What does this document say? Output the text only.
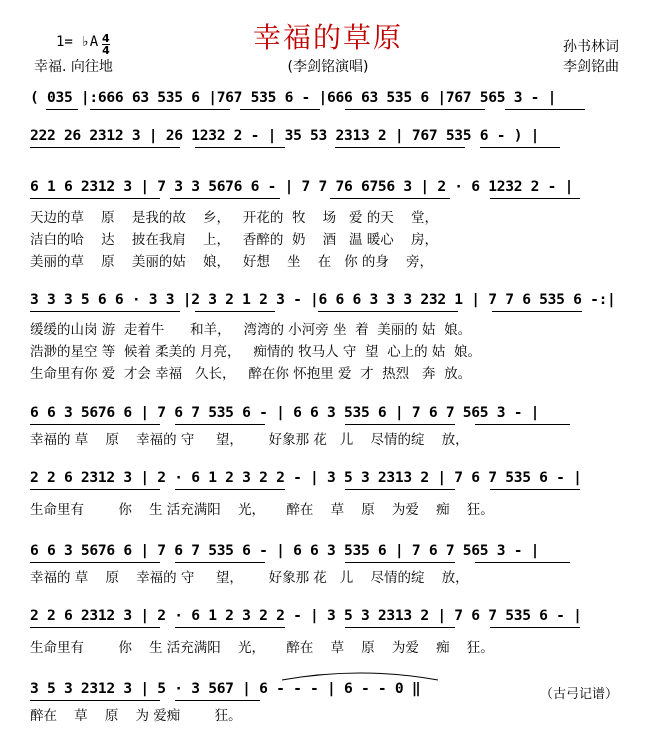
幸福的草原
(李剑铭演唱)
1= ♭A 4
4
幸福. 向往地
孙书林词
李剑铭曲
( 035 |:666 63 535 6 |767 535 6 - |666 63 535 6 |767 565 3 - |
222 26 2312 3 | 26 1232 2 - | 35 53 2313 2 | 767 535 6 - ) |
6 1 6 2312 3 | 7 3 3 5676 6 - | 7 7 76 6756 3 | 2 · 6 1232 2 - |
天边的草    原    是我的故    乡，   开花的  牧    场   爱 的天    堂，
洁白的哈    达    披在我肩    上，   香醉的  奶    酒   温 暖心    房，
美丽的草    原    美丽的姑    娘，   好想    坐    在   你 的身    旁，
3 3 3 5 6 6 · 3 3 |2 3 2 1 2 3 - |6 6 6 3 3 3 232 1 | 7 7 6 535 6 -:|
缓缓的山岗 游  走着牛      和羊，   湾湾的 小河旁 坐  着  美丽的 姑  娘。
浩渺的星空 等  候着 柔美的 月亮，   痴情的 牧马人 守  望  心上的 姑  娘。
生命里有你 爱  才会 幸福   久长，   醉在你 怀抱里 爱  才  热烈   奔  放。
6 6 3 5676 6 | 7 6 7 535 6 - | 6 6 3 535 6 | 7 6 7 565 3 - |
幸福的 草    原    幸福的 守     望，      好象那 花   儿    尽情的绽    放，
2 2 6 2312 3 | 2 · 6 1 2 3 2 2 - | 3 5 3 2313 2 | 7 6 7 535 6 - |
生命里有        你    生 活充满阳    光，     醉在    草    原    为爱    痴    狂。
6 6 3 5676 6 | 7 6 7 535 6 - | 6 6 3 535 6 | 7 6 7 565 3 - |
幸福的 草    原    幸福的 守     望，      好象那 花   儿    尽情的绽    放，
2 2 6 2312 3 | 2 · 6 1 2 3 2 2 - | 3 5 3 2313 2 | 7 6 7 535 6 - |
生命里有        你    生 活充满阳    光，     醉在    草    原    为爱    痴    狂。
3 5 3 2312 3 | 5 · 3 567 | 6 - - - | 6 - - 0 ‖
醉在    草    原    为 爱痴        狂。
（古弓记谱）
